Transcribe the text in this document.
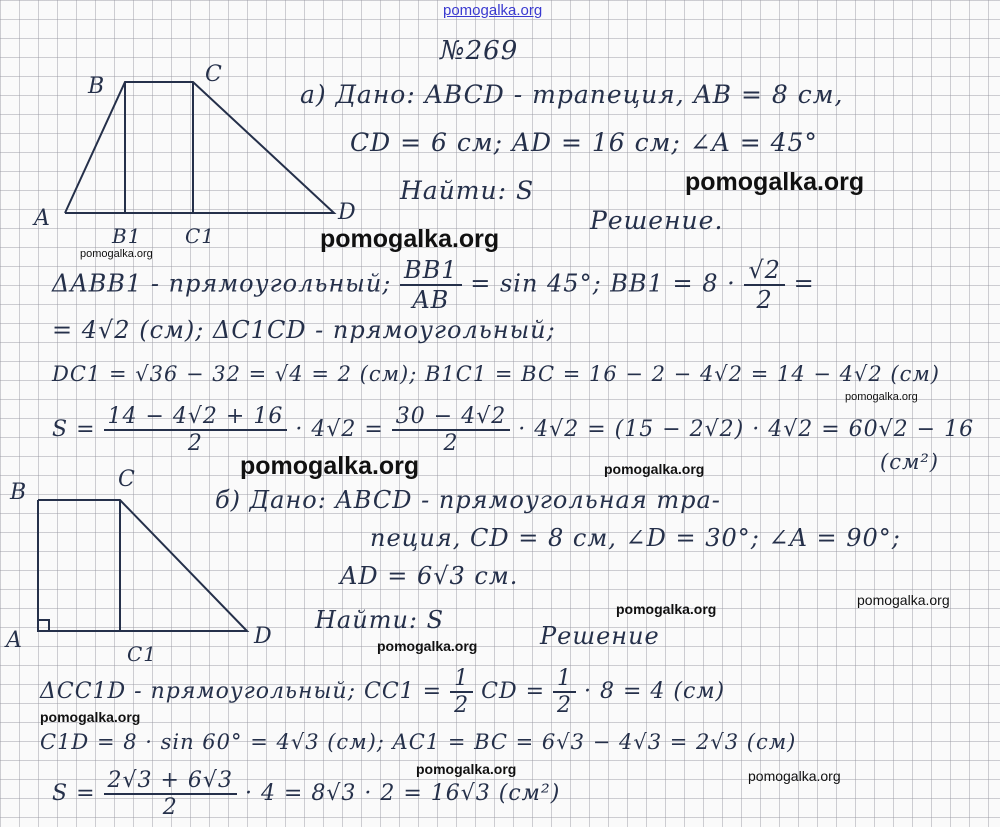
pomogalka.org
B	C
A	D
B1 C1
B
C
A	D
C1
№269
а) Дано: ABCD - трапеция, AB = 8 см,
CD = 6 см; AD = 16 см; ∠A = 45°
Найти: S
Решение.
ΔABB1 - прямоугольный; $\frac{BB1}{AB} = \sin 45^\circ$; $BB1 = 8 \cdot \frac{√2}{2}$ =
= 4√2 (см); ΔC1CD - прямоугольный;
DC1 = √36 − 32 = √4 = 2 (см); B1C1 = BC = 16 − 2 − 4√2 = 14 − 4√2 (см)
$S = \frac{14 - 4√2 + 16}{2} \cdot 4√2 = \frac{30 - 4√2}{2} \cdot 4√2 = (15 - 2√2) \cdot 4√2 = 60√2 - 16$
(см²)
б) Дано: ABCD - прямоугольная тра-
пеция, CD = 8 см, ∠D = 30°; ∠A = 90°;
AD = 6√3 см.
Найти: S
Решение
ΔCC1D - прямоугольный; $CC1 = \frac{1}{2}$ CD = $\frac{1}{2} \cdot 8 = 4$ (см)
C1D = 8 · sin 60° = 4√3 (см); AC1 = BC = 6√3 − 4√3 = 2√3 (см)
$S = \frac{2√3 + 6√3}{2} \cdot 4 = 8√3 \cdot 2 = 16√3$ (см²)
pomogalka.org
pomogalka.org
pomogalka.org
pomogalka.org
pomogalka.org	pomogalka.org
pomogalka.org
pomogalka.org
pomogalka.org
pomogalka.org
pomogalka.org	pomogalka.org
